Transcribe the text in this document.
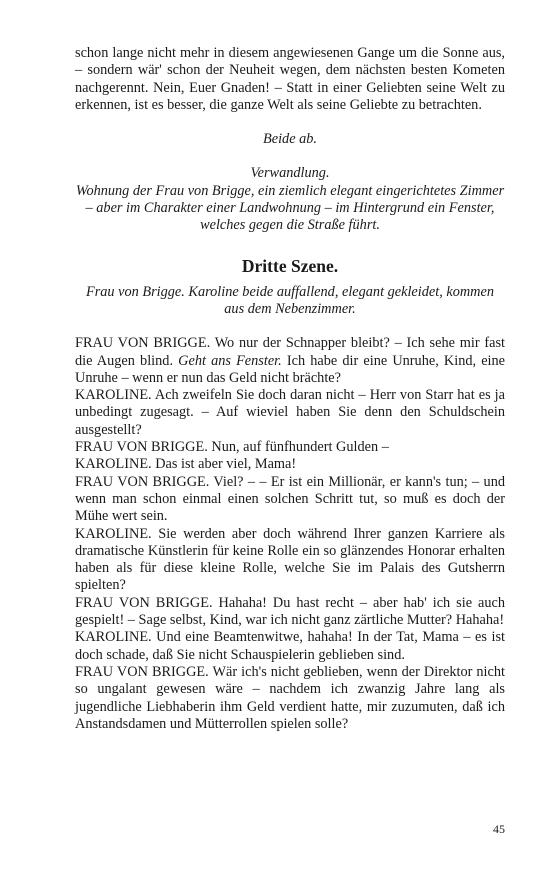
schon lange nicht mehr in diesem angewiesenen Gange um die Sonne aus, – sondern wär' schon der Neuheit wegen, dem nächsten besten Kometen nachgerennt. Nein, Euer Gnaden! – Statt in einer Geliebten seine Welt zu erkennen, ist es besser, die ganze Welt als seine Geliebte zu betrachten.

Beide ab.

Verwandlung.

Wohnung der Frau von Brigge, ein ziemlich elegant eingerichtetes Zimmer – aber im Charakter einer Landwohnung – im Hintergrund ein Fenster, welches gegen die Straße führt.

Dritte Szene.

Frau von Brigge. Karoline beide auffallend, elegant gekleidet, kommen aus dem Nebenzimmer.

FRAU VON BRIGGE. Wo nur der Schnapper bleibt? – Ich sehe mir fast die Augen blind. Geht ans Fenster. Ich habe dir eine Unruhe, Kind, eine Unruhe – wenn er nun das Geld nicht brächte?

KAROLINE. Ach zweifeln Sie doch daran nicht – Herr von Starr hat es ja unbedingt zugesagt. – Auf wieviel haben Sie denn den Schuldschein ausgestellt?

FRAU VON BRIGGE. Nun, auf fünfhundert Gulden –

KAROLINE. Das ist aber viel, Mama!

FRAU VON BRIGGE. Viel? – – Er ist ein Millionär, er kann's tun; – und wenn man schon einmal einen solchen Schritt tut, so muß es doch der Mühe wert sein.

KAROLINE. Sie werden aber doch während Ihrer ganzen Karriere als dramatische Künstlerin für keine Rolle ein so glänzendes Honorar erhalten haben als für diese kleine Rolle, welche Sie im Palais des Gutsherrn spielten?

FRAU VON BRIGGE. Hahaha! Du hast recht – aber hab' ich sie auch gespielt! – Sage selbst, Kind, war ich nicht ganz zärtliche Mutter? Hahaha!

KAROLINE. Und eine Beamtenwitwe, hahaha! In der Tat, Mama – es ist doch schade, daß Sie nicht Schauspielerin geblieben sind.

FRAU VON BRIGGE. Wär ich's nicht geblieben, wenn der Direktor nicht so ungalant gewesen wäre – nachdem ich zwanzig Jahre lang als jugendliche Liebhaberin ihm Geld verdient hatte, mir zuzumuten, daß ich Anstandsdamen und Mütterrollen spielen solle?

45
